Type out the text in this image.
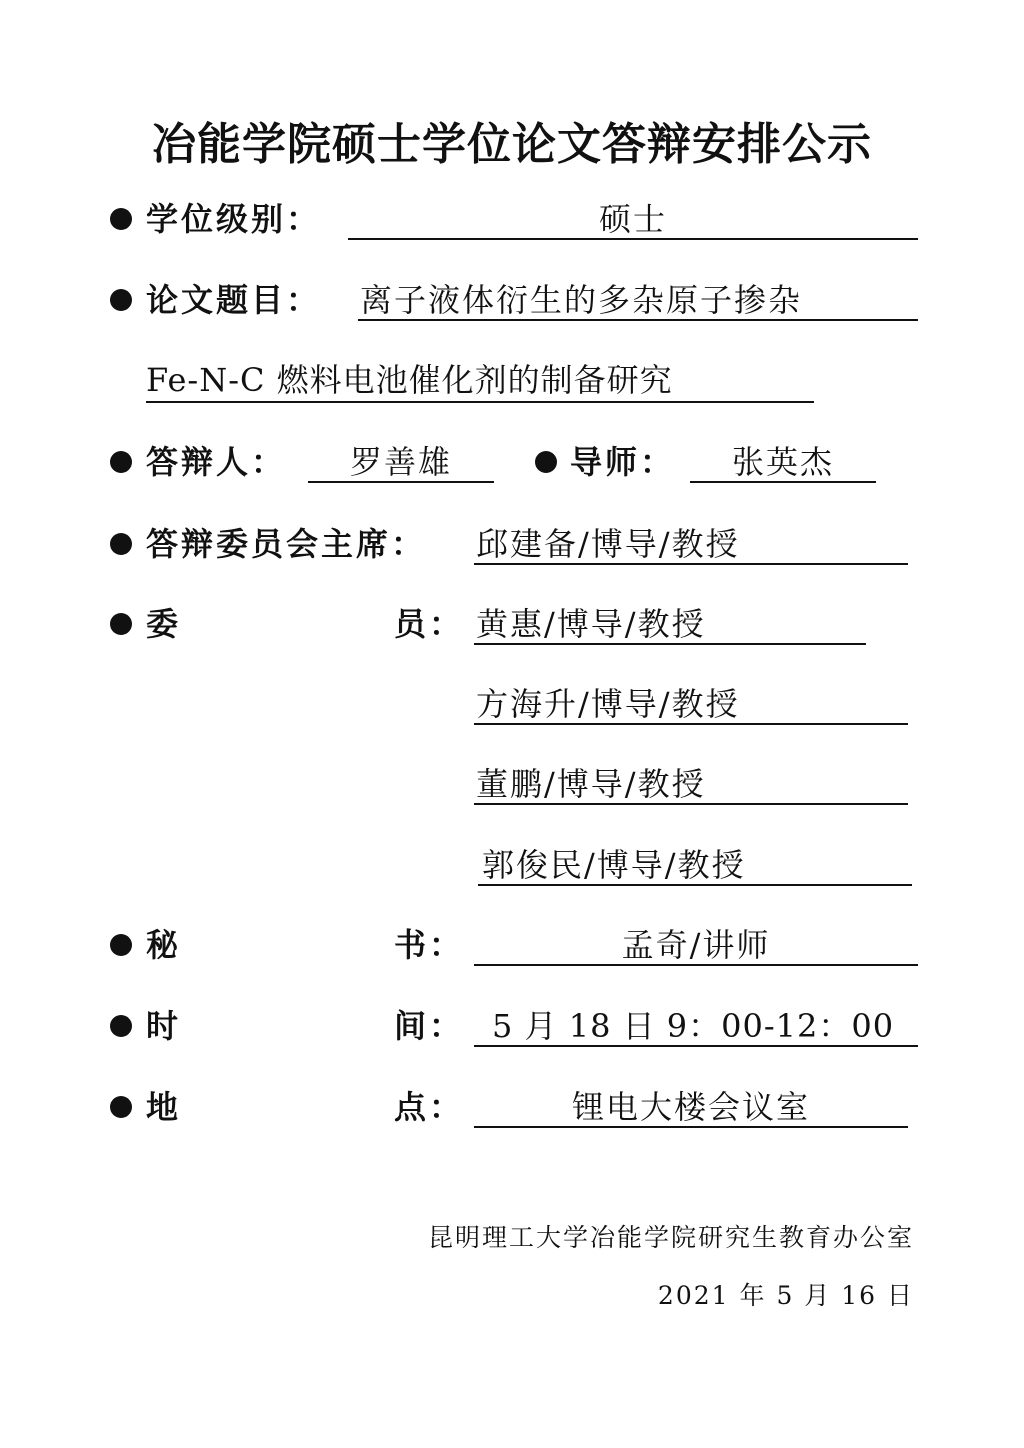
冶能学院硕士学位论文答辩安排公示
学位级别：	硕士
论文题目： 离子液体衍生的多杂原子掺杂
Fe-N-C 燃料电池催化剂的制备研究
答辩人：	罗善雄	导师：	张英杰
答辩委员会主席： 邱建备/博导/教授
委	员： 黄惠/博导/教授
方海升/博导/教授
董鹏/博导/教授
郭俊民/博导/教授
秘	书：	孟奇/讲师
时	间： 5 月 18 日 9：00-12：00
地	点：	锂电大楼会议室
昆明理工大学冶能学院研究生教育办公室
2021 年 5 月 16 日
